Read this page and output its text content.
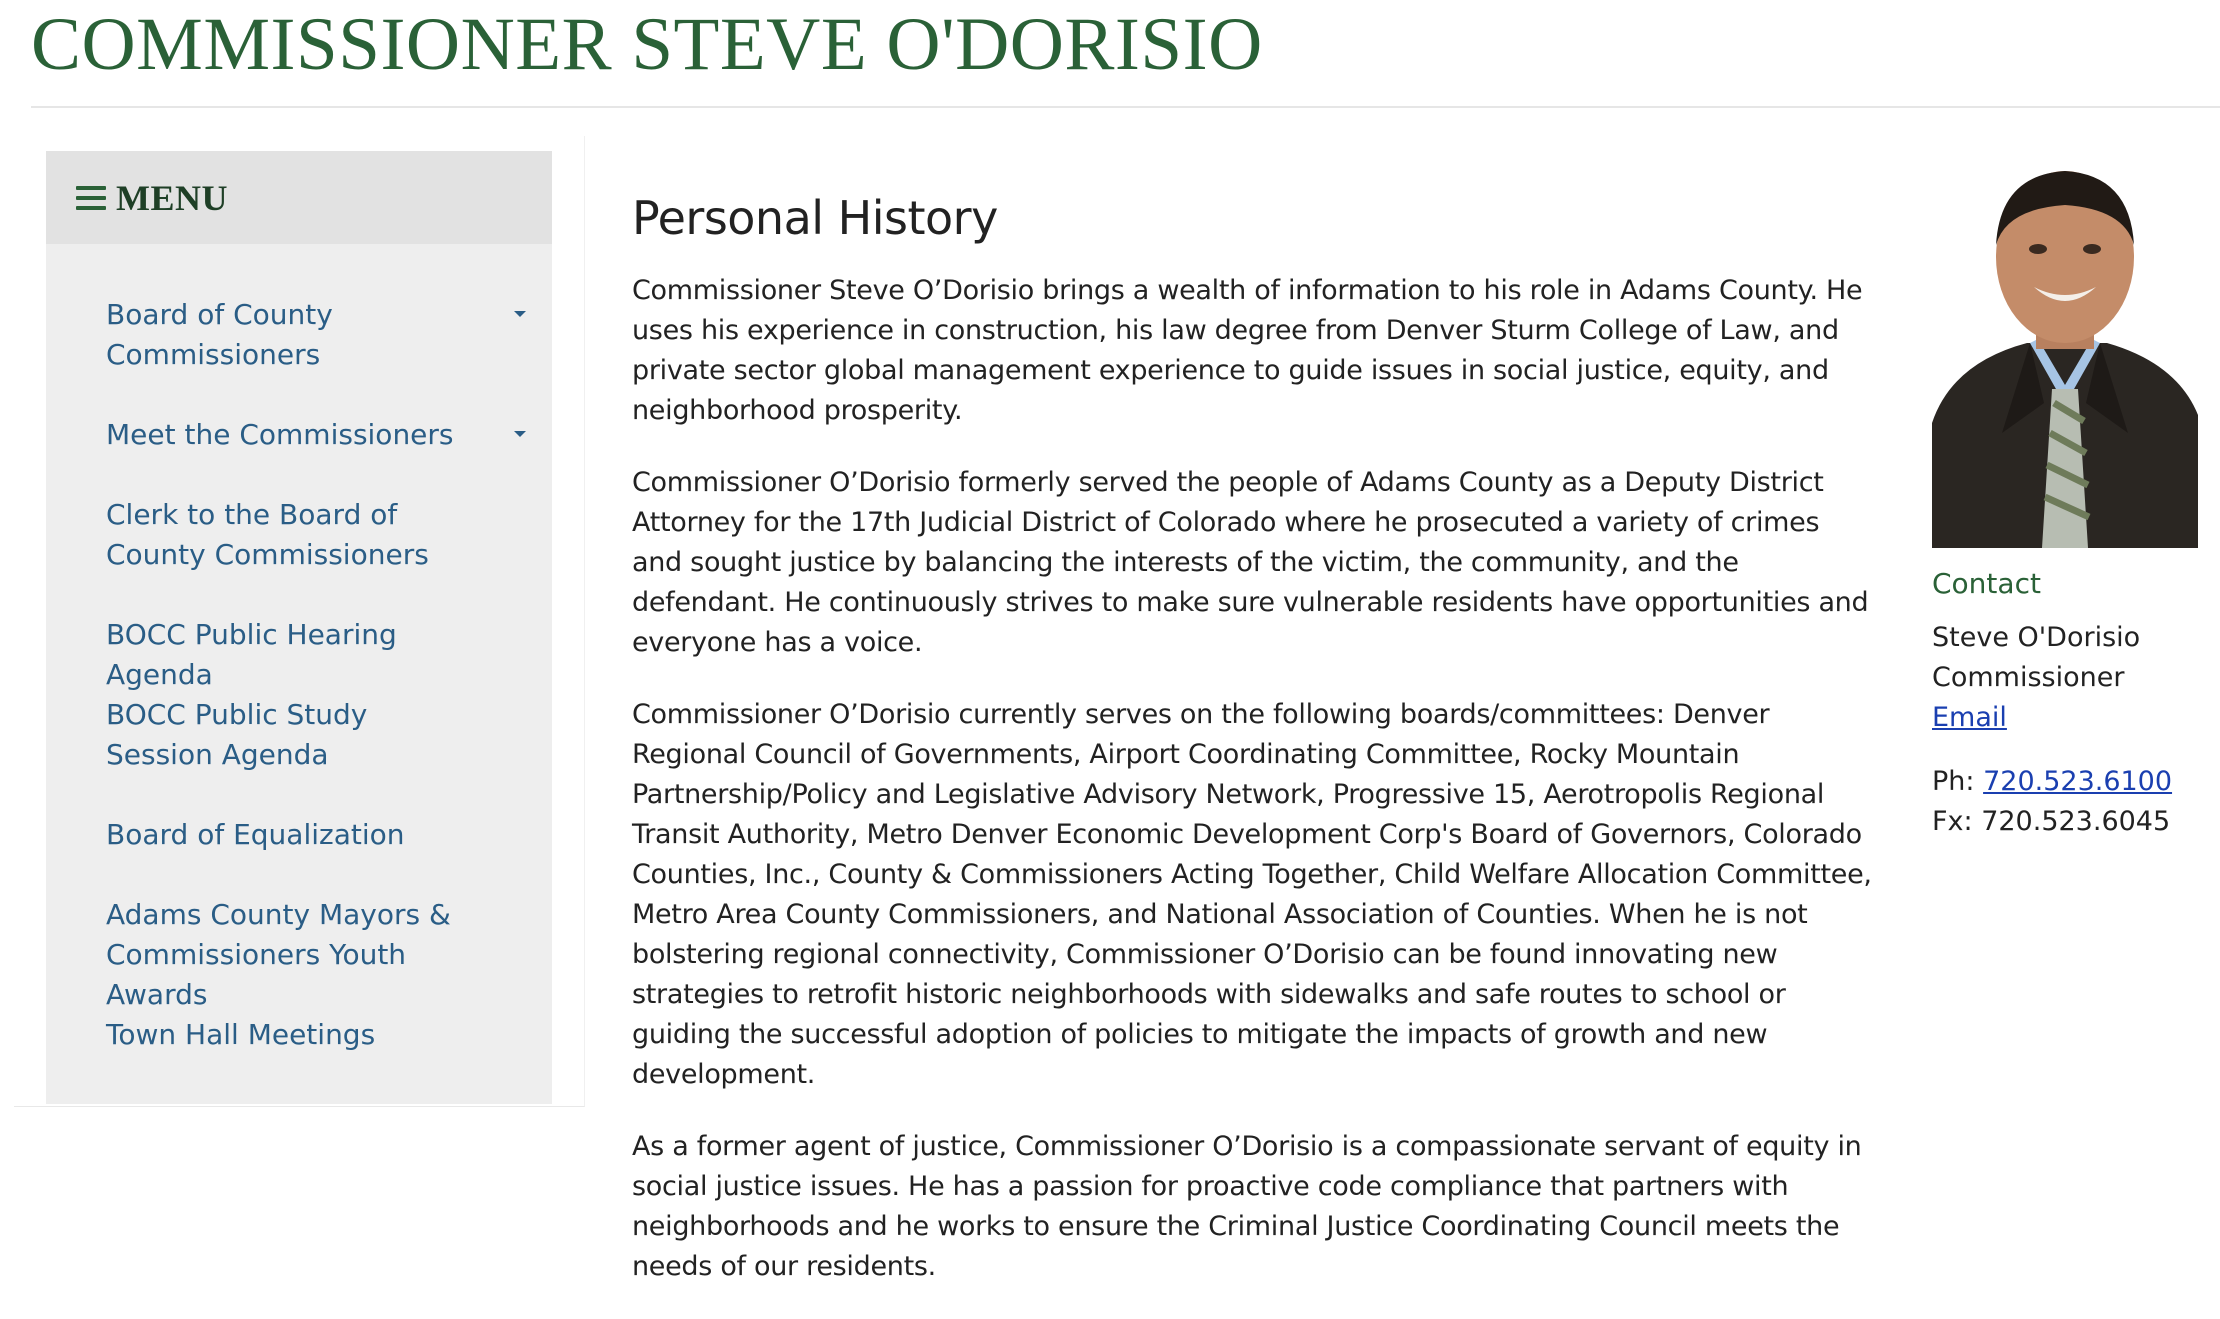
COMMISSIONER STEVE O'DORISIO
MENU
Board of County Commissioners
Meet the Commissioners
Clerk to the Board of County Commissioners
BOCC Public Hearing Agenda
BOCC Public Study Session Agenda
Board of Equalization
Adams County Mayors & Commissioners Youth Awards
Town Hall Meetings
Personal History

Commissioner Steve O’Dorisio brings a wealth of information to his role in Adams County. He uses his experience in construction, his law degree from Denver Sturm College of Law, and private sector global management experience to guide issues in social justice, equity, and neighborhood prosperity.

Commissioner O’Dorisio formerly served the people of Adams County as a Deputy District Attorney for the 17th Judicial District of Colorado where he prosecuted a variety of crimes and sought justice by balancing the interests of the victim, the community, and the defendant. He continuously strives to make sure vulnerable residents have opportunities and everyone has a voice.

Commissioner O’Dorisio currently serves on the following boards/committees: Denver Regional Council of Governments, Airport Coordinating Committee, Rocky Mountain Partnership/Policy and Legislative Advisory Network, Progressive 15, Aerotropolis Regional Transit Authority, Metro Denver Economic Development Corp's Board of Governors, Colorado Counties, Inc., County & Commissioners Acting Together, Child Welfare Allocation Committee, Metro Area County Commissioners, and National Association of Counties. When he is not bolstering regional connectivity, Commissioner O’Dorisio can be found innovating new strategies to retrofit historic neighborhoods with sidewalks and safe routes to school or guiding the successful adoption of policies to mitigate the impacts of growth and new development.

As a former agent of justice, Commissioner O’Dorisio is a compassionate servant of equity in social justice issues. He has a passion for proactive code compliance that partners with neighborhoods and he works to ensure the Criminal Justice Coordinating Council meets the needs of our residents.

Contact
Steve O'Dorisio
Commissioner
Email
Ph: 720.523.6100
Fx: 720.523.6045
